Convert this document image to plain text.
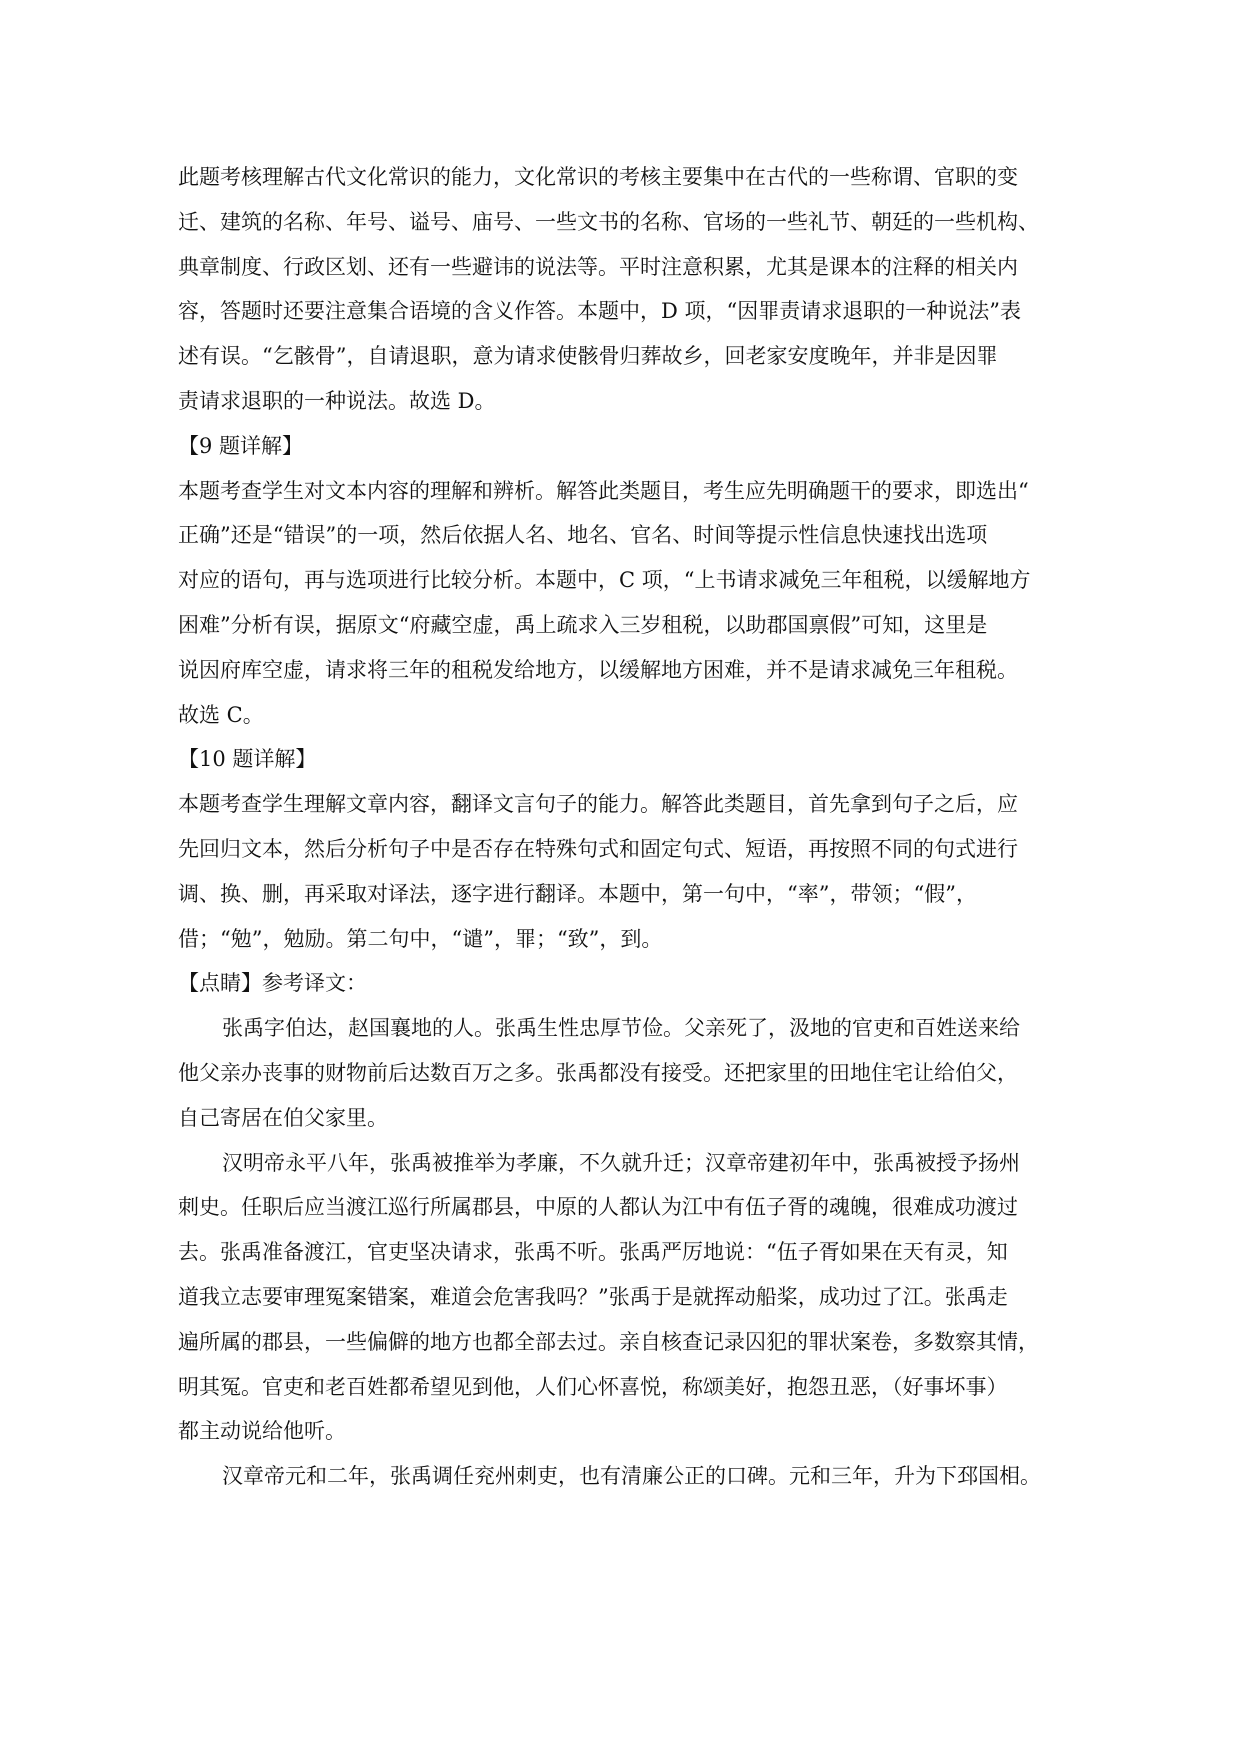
此题考核理解古代文化常识的能力，文化常识的考核主要集中在古代的一些称谓、官职的变

迁、建筑的名称、年号、谥号、庙号、一些文书的名称、官场的一些礼节、朝廷的一些机构、

典章制度、行政区划、还有一些避讳的说法等。平时注意积累，尤其是课本的注释的相关内

容，答题时还要注意集合语境的含义作答。本题中，D 项，“因罪责请求退职的一种说法”表

述有误。“乞骸骨”，自请退职，意为请求使骸骨归葬故乡，回老家安度晚年，并非是因罪

责请求退职的一种说法。故选 D。

【9 题详解】

本题考查学生对文本内容的理解和辨析。解答此类题目，考生应先明确题干的要求，即选出“

正确”还是“错误”的一项，然后依据人名、地名、官名、时间等提示性信息快速找出选项

对应的语句，再与选项进行比较分析。本题中，C 项，“上书请求减免三年租税，以缓解地方

困难”分析有误，据原文“府藏空虚，禹上疏求入三岁租税，以助郡国禀假”可知，这里是

说因府库空虚，请求将三年的租税发给地方，以缓解地方困难，并不是请求减免三年租税。

故选 C。

【10 题详解】

本题考查学生理解文章内容，翻译文言句子的能力。解答此类题目，首先拿到句子之后，应

先回归文本，然后分析句子中是否存在特殊句式和固定句式、短语，再按照不同的句式进行

调、换、删，再采取对译法，逐字进行翻译。本题中，第一句中，“率”，带领；“假”，

借；“勉”，勉励。第二句中，“谴”，罪；“致”，到。

【点睛】参考译文：

张禹字伯达，赵国襄地的人。张禹生性忠厚节俭。父亲死了，汲地的官吏和百姓送来给

他父亲办丧事的财物前后达数百万之多。张禹都没有接受。还把家里的田地住宅让给伯父，

自己寄居在伯父家里。

汉明帝永平八年，张禹被推举为孝廉，不久就升迁；汉章帝建初年中，张禹被授予扬州

刺史。任职后应当渡江巡行所属郡县，中原的人都认为江中有伍子胥的魂魄，很难成功渡过

去。张禹准备渡江，官吏坚决请求，张禹不听。张禹严厉地说：“伍子胥如果在天有灵，知

道我立志要审理冤案错案，难道会危害我吗？”张禹于是就挥动船桨，成功过了江。张禹走

遍所属的郡县，一些偏僻的地方也都全部去过。亲自核查记录囚犯的罪状案卷，多数察其情，

明其冤。官吏和老百姓都希望见到他，人们心怀喜悦，称颂美好，抱怨丑恶，（好事坏事）

都主动说给他听。

汉章帝元和二年，张禹调任兖州刺吏，也有清廉公正的口碑。元和三年，升为下邳国相。
